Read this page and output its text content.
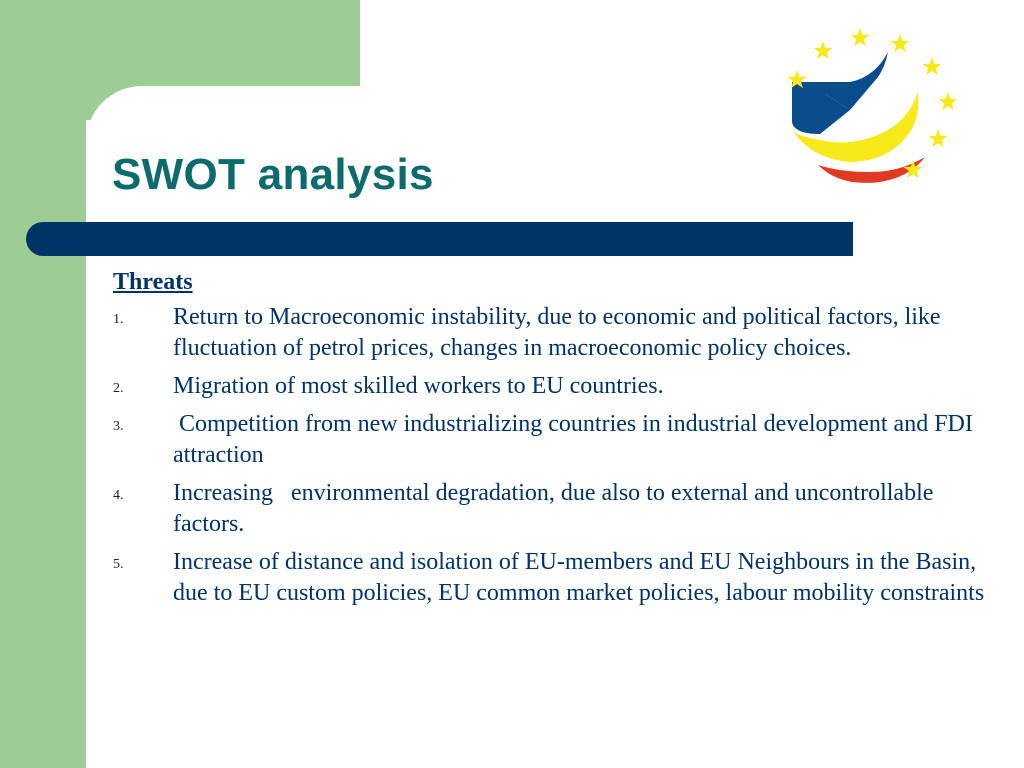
SWOT analysis

Threats

1. Return to Macroeconomic instability, due to economic and political factors, like fluctuation of petrol prices, changes in macroeconomic policy choices.
2. Migration of most skilled workers to EU countries.
3. Competition from new industrializing countries in industrial development and FDI attraction
4. Increasing   environmental degradation, due also to external and uncontrollable factors.
5. Increase of distance and isolation of EU-members and EU Neighbours in the Basin, due to EU custom policies, EU common market policies, labour mobility constraints
